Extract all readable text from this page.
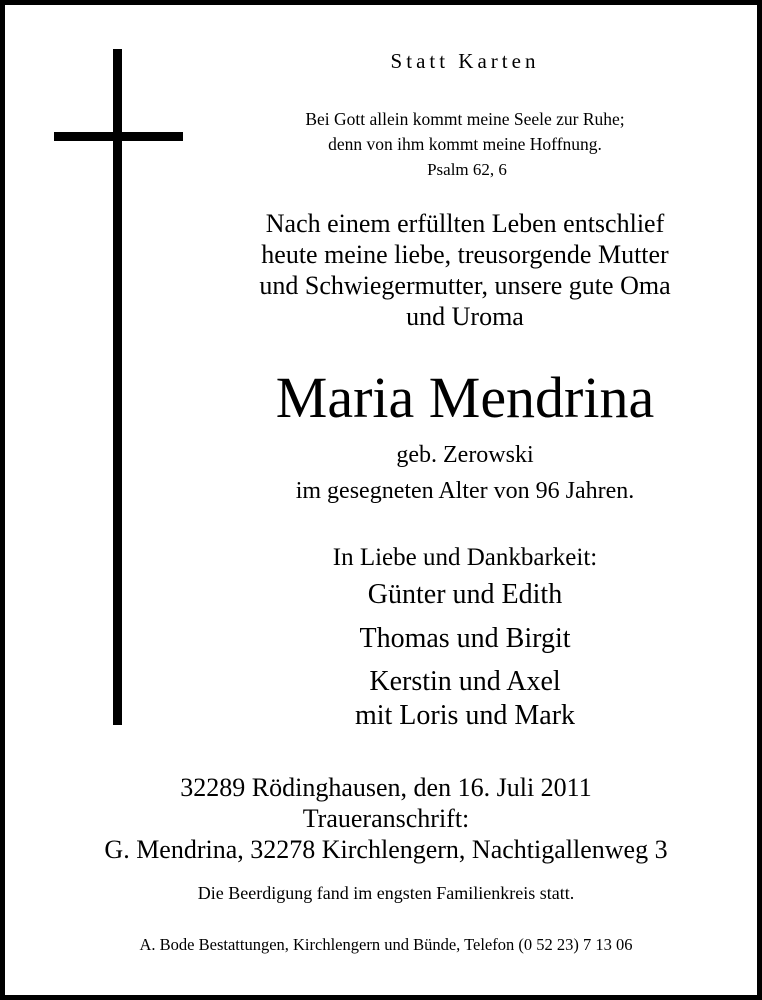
Statt Karten
Bei Gott allein kommt meine Seele zur Ruhe;
denn von ihm kommt meine Hoffnung.
Psalm 62, 6
Nach einem erfüllten Leben entschlief
heute meine liebe, treusorgende Mutter
und Schwiegermutter, unsere gute Oma
und Uroma
Maria Mendrina
geb. Zerowski
im gesegneten Alter von 96 Jahren.
In Liebe und Dankbarkeit:
Günter und Edith
Thomas und Birgit
Kerstin und Axel
mit Loris und Mark
32289 Rödinghausen, den 16. Juli 2011
Traueranschrift:
G. Mendrina, 32278 Kirchlengern, Nachtigallenweg 3
Die Beerdigung fand im engsten Familienkreis statt.
A. Bode Bestattungen, Kirchlengern und Bünde, Telefon (0 52 23) 7 13 06
